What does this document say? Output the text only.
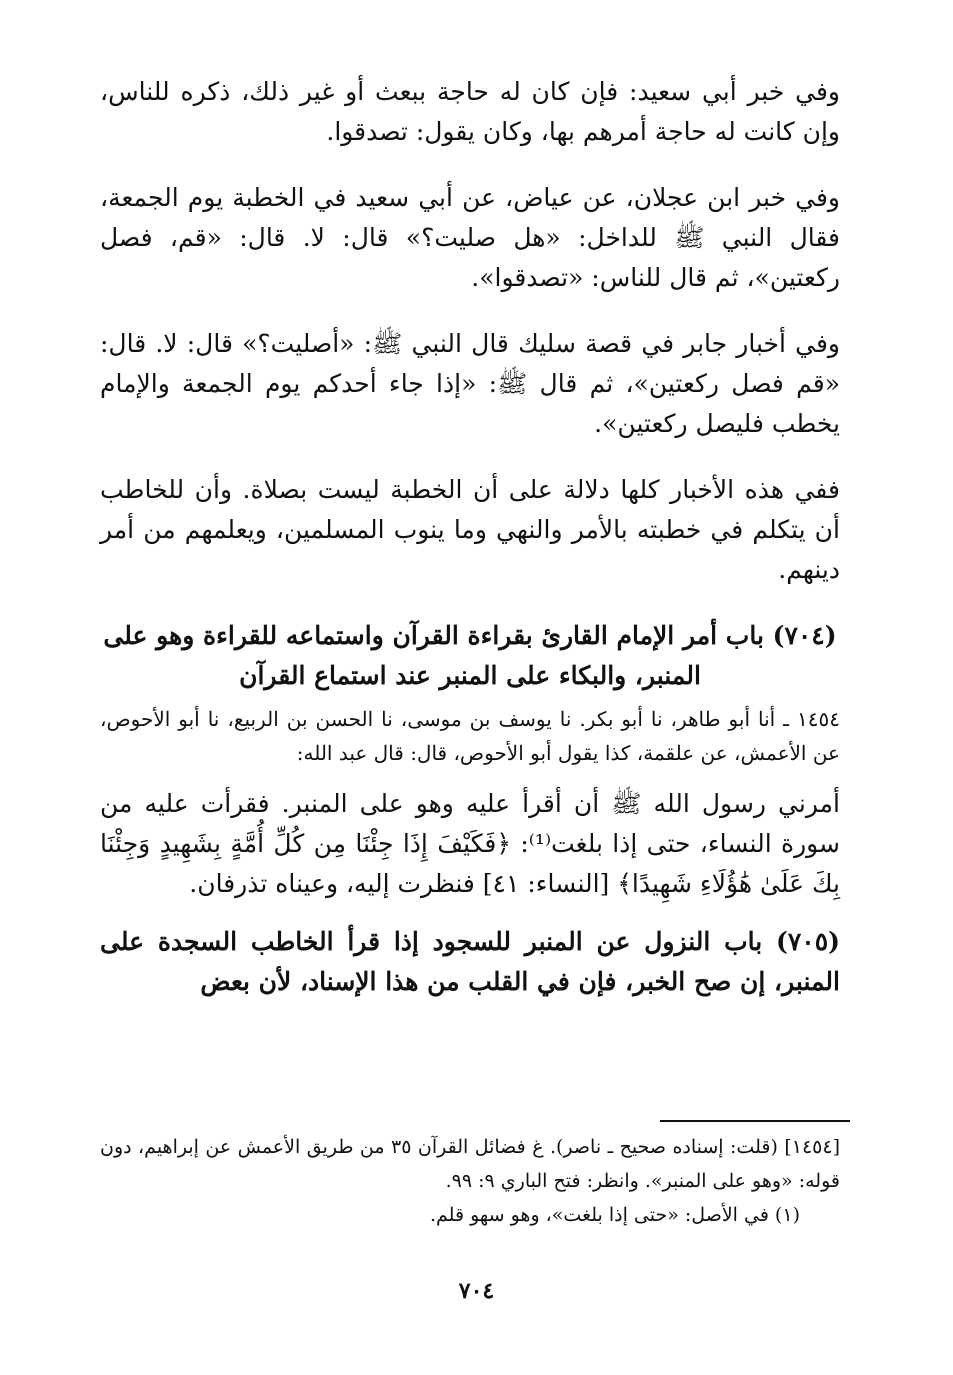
وفي خبر أبي سعيد: فإن كان له حاجة ببعث أو غير ذلك، ذكره للناس، وإن كانت له حاجة أمرهم بها، وكان يقول: تصدقوا.

وفي خبر ابن عجلان، عن عياض، عن أبي سعيد في الخطبة يوم الجمعة، فقال النبي ﷺ للداخل: «هل صليت؟» قال: لا. قال: «قم، فصل ركعتين»، ثم قال للناس: «تصدقوا».

وفي أخبار جابر في قصة سليك قال النبي ﷺ: «أصليت؟» قال: لا. قال: «قم فصل ركعتين»، ثم قال ﷺ: «إذا جاء أحدكم يوم الجمعة والإمام يخطب فليصل ركعتين».

ففي هذه الأخبار كلها دلالة على أن الخطبة ليست بصلاة. وأن للخاطب أن يتكلم في خطبته بالأمر والنهي وما ينوب المسلمين، ويعلمهم من أمر دينهم.

(٧٠٤) باب أمر الإمام القارئ بقراءة القرآن واستماعه للقراءة وهو على المنبر، والبكاء على المنبر عند استماع القرآن

١٤٥٤ ـ أنا أبو طاهر، نا أبو بكر. نا يوسف بن موسى، نا الحسن بن الربيع، نا أبو الأحوص، عن الأعمش، عن علقمة، كذا يقول أبو الأحوص، قال: قال عبد الله:

أمرني رسول الله ﷺ أن أقرأ عليه وهو على المنبر. فقرأت عليه من سورة النساء، حتى إذا بلغت⁽¹⁾: ﴿فَكَيْفَ إِذَا جِئْنَا مِن كُلِّ أُمَّةٍ بِشَهِيدٍ وَجِئْنَا بِكَ عَلَىٰ هَٰؤُلَاءِ شَهِيدًا﴾ [النساء: ٤١] فنظرت إليه، وعيناه تذرفان.

(٧٠٥) باب النزول عن المنبر للسجود إذا قرأ الخاطب السجدة على المنبر، إن صح الخبر، فإن في القلب من هذا الإسناد، لأن بعض

[١٤٥٤] (قلت: إسناده صحيح ـ ناصر). غ فضائل القرآن ٣٥ من طريق الأعمش عن إبراهيم، دون قوله: «وهو على المنبر». وانظر: فتح الباري ٩: ٩٩.

(١) في الأصل: «حتى إذا بلغت»، وهو سهو قلم.

٧٠٤
